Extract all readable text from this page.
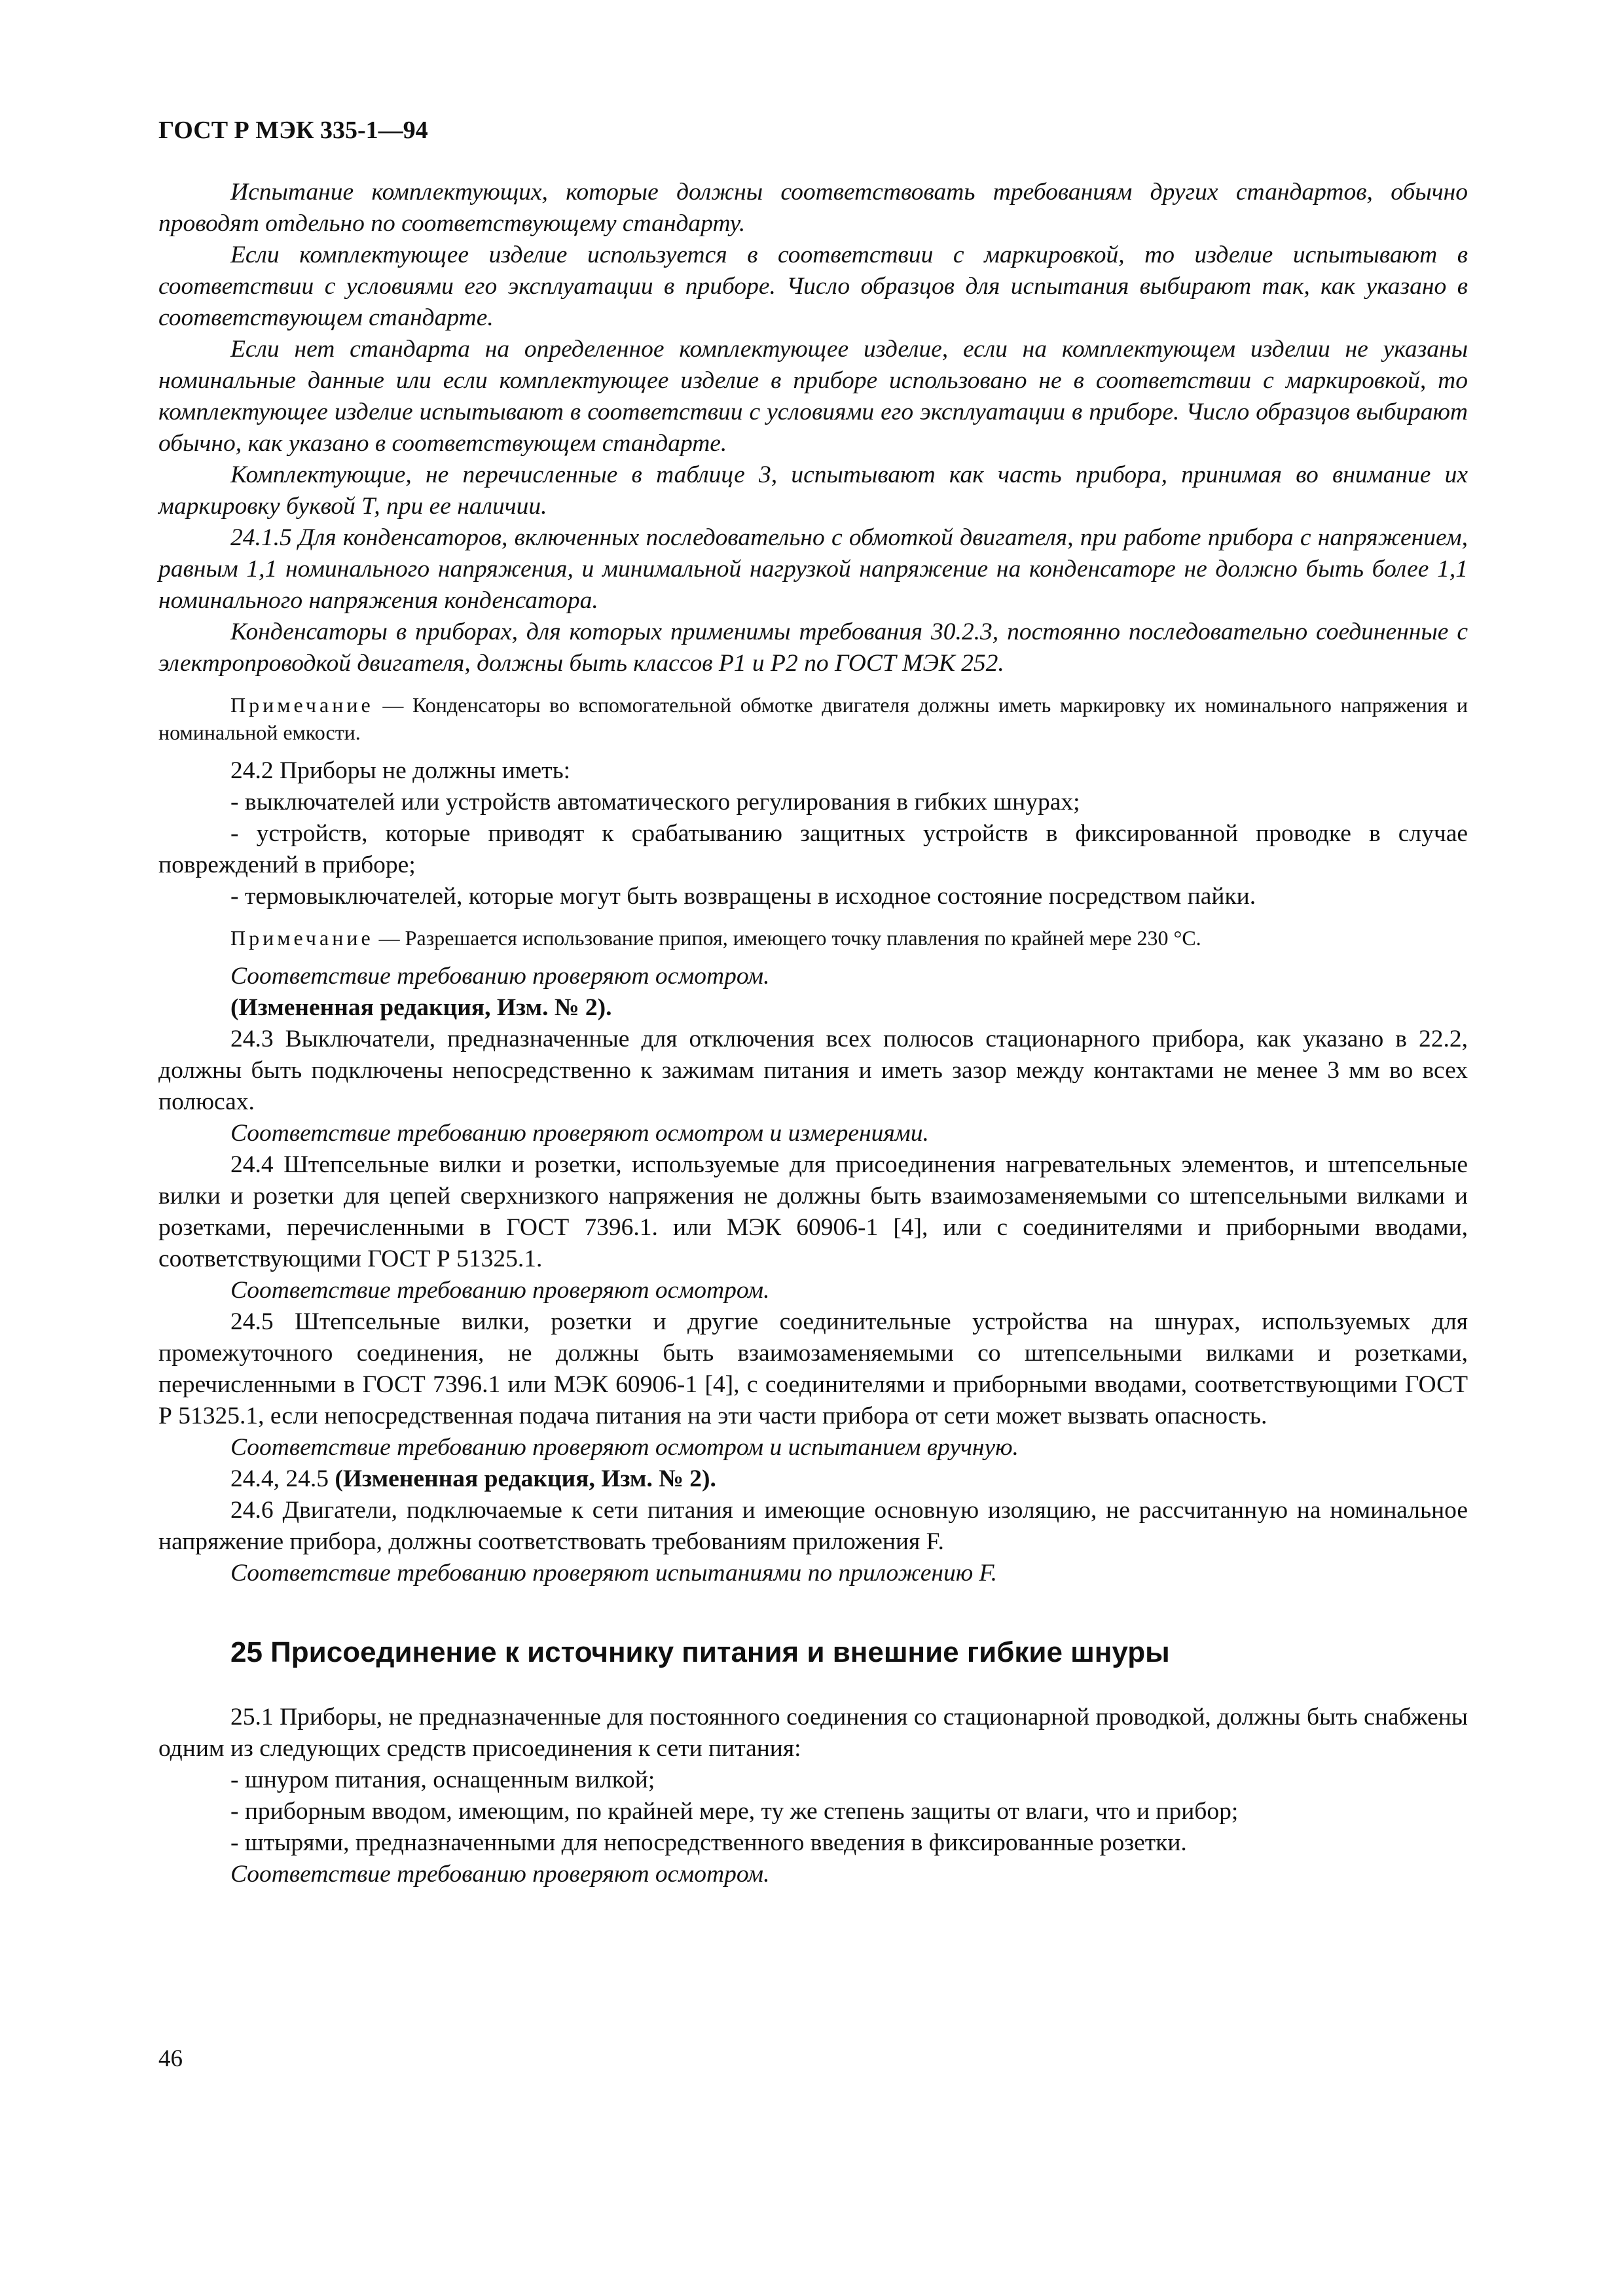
ГОСТ Р МЭК 335-1—94

Испытание комплектующих, которые должны соответствовать требованиям других стандартов, обычно проводят отдельно по соответствующему стандарту.

Если комплектующее изделие используется в соответствии с маркировкой, то изделие испытывают в соответствии с условиями его эксплуатации в приборе. Число образцов для испытания выбирают так, как указано в соответствующем стандарте.

Если нет стандарта на определенное комплектующее изделие, если на комплектующем изделии не указаны номинальные данные или если комплектующее изделие в приборе использовано не в соответствии с маркировкой, то комплектующее изделие испытывают в соответствии с условиями его эксплуатации в приборе. Число образцов выбирают обычно, как указано в соответствующем стандарте.

Комплектующие, не перечисленные в таблице 3, испытывают как часть прибора, принимая во внимание их маркировку буквой Т, при ее наличии.

24.1.5 Для конденсаторов, включенных последовательно с обмоткой двигателя, при работе прибора с напряжением, равным 1,1 номинального напряжения, и минимальной нагрузкой напряжение на конденсаторе не должно быть более 1,1 номинального напряжения конденсатора.

Конденсаторы в приборах, для которых применимы требования 30.2.3, постоянно последовательно соединенные с электропроводкой двигателя, должны быть классов Р1 и Р2 по ГОСТ МЭК 252.

Примечание — Конденсаторы во вспомогательной обмотке двигателя должны иметь маркировку их номинального напряжения и номинальной емкости.

24.2 Приборы не должны иметь:

- выключателей или устройств автоматического регулирования в гибких шнурах;

- устройств, которые приводят к срабатыванию защитных устройств в фиксированной проводке в случае повреждений в приборе;

- термовыключателей, которые могут быть возвращены в исходное состояние посредством пайки.

Примечание — Разрешается использование припоя, имеющего точку плавления по крайней мере 230 °С.

Соответствие требованию проверяют осмотром.

(Измененная редакция, Изм. № 2).

24.3 Выключатели, предназначенные для отключения всех полюсов стационарного прибора, как указано в 22.2, должны быть подключены непосредственно к зажимам питания и иметь зазор между контактами не менее 3 мм во всех полюсах.

Соответствие требованию проверяют осмотром и измерениями.

24.4 Штепсельные вилки и розетки, используемые для присоединения нагревательных элементов, и штепсельные вилки и розетки для цепей сверхнизкого напряжения не должны быть взаимозаменяемыми со штепсельными вилками и розетками, перечисленными в ГОСТ 7396.1. или МЭК 60906-1 [4], или с соединителями и приборными вводами, соответствующими ГОСТ Р 51325.1.

Соответствие требованию проверяют осмотром.

24.5 Штепсельные вилки, розетки и другие соединительные устройства на шнурах, используемых для промежуточного соединения, не должны быть взаимозаменяемыми со штепсельными вилками и розетками, перечисленными в ГОСТ 7396.1 или МЭК 60906-1 [4], с соединителями и приборными вводами, соответствующими ГОСТ Р 51325.1, если непосредственная подача питания на эти части прибора от сети может вызвать опасность.

Соответствие требованию проверяют осмотром и испытанием вручную.

24.4, 24.5 (Измененная редакция, Изм. № 2).

24.6 Двигатели, подключаемые к сети питания и имеющие основную изоляцию, не рассчитанную на номинальное напряжение прибора, должны соответствовать требованиям приложения F.

Соответствие требованию проверяют испытаниями по приложению F.

25 Присоединение к источнику питания и внешние гибкие шнуры

25.1 Приборы, не предназначенные для постоянного соединения со стационарной проводкой, должны быть снабжены одним из следующих средств присоединения к сети питания:

- шнуром питания, оснащенным вилкой;

- приборным вводом, имеющим, по крайней мере, ту же степень защиты от влаги, что и прибор;

- штырями, предназначенными для непосредственного введения в фиксированные розетки.

Соответствие требованию проверяют осмотром.

46
